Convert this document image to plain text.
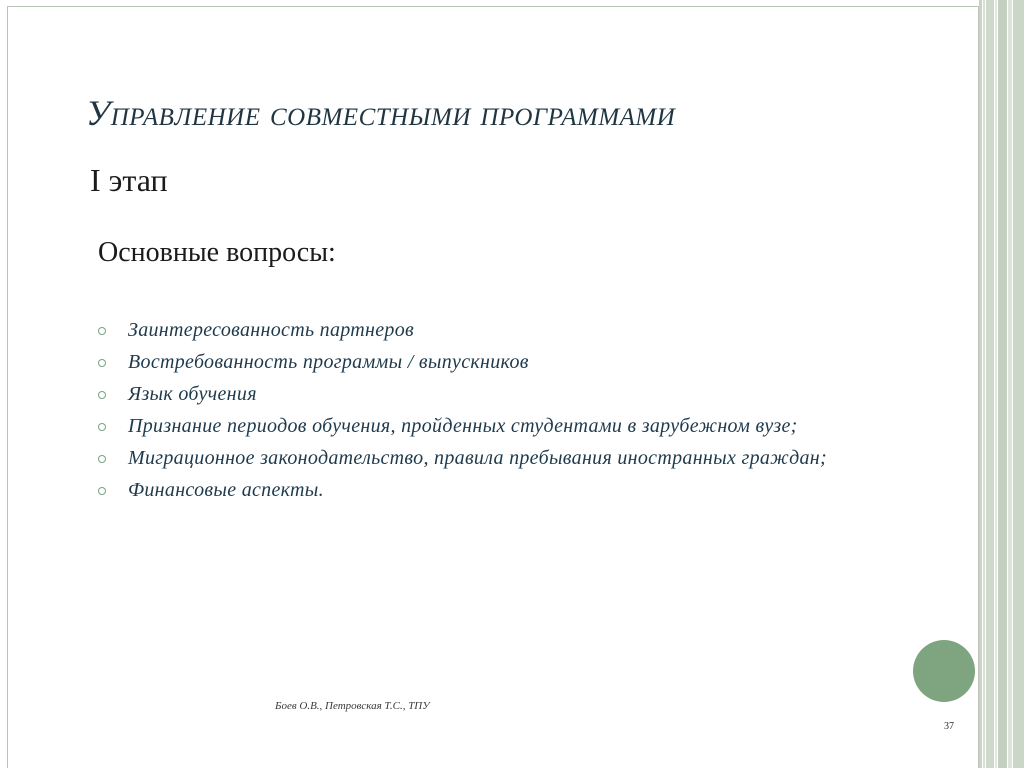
Управление совместными программами
I этап
Основные вопросы:
Заинтересованность партнеров
Востребованность программы / выпускников
Язык обучения
Признание периодов обучения, пройденных студентами в зарубежном вузе;
Миграционное законодательство, правила пребывания иностранных граждан;
Финансовые аспекты.
Боев О.В., Петровская Т.С., ТПУ
37
